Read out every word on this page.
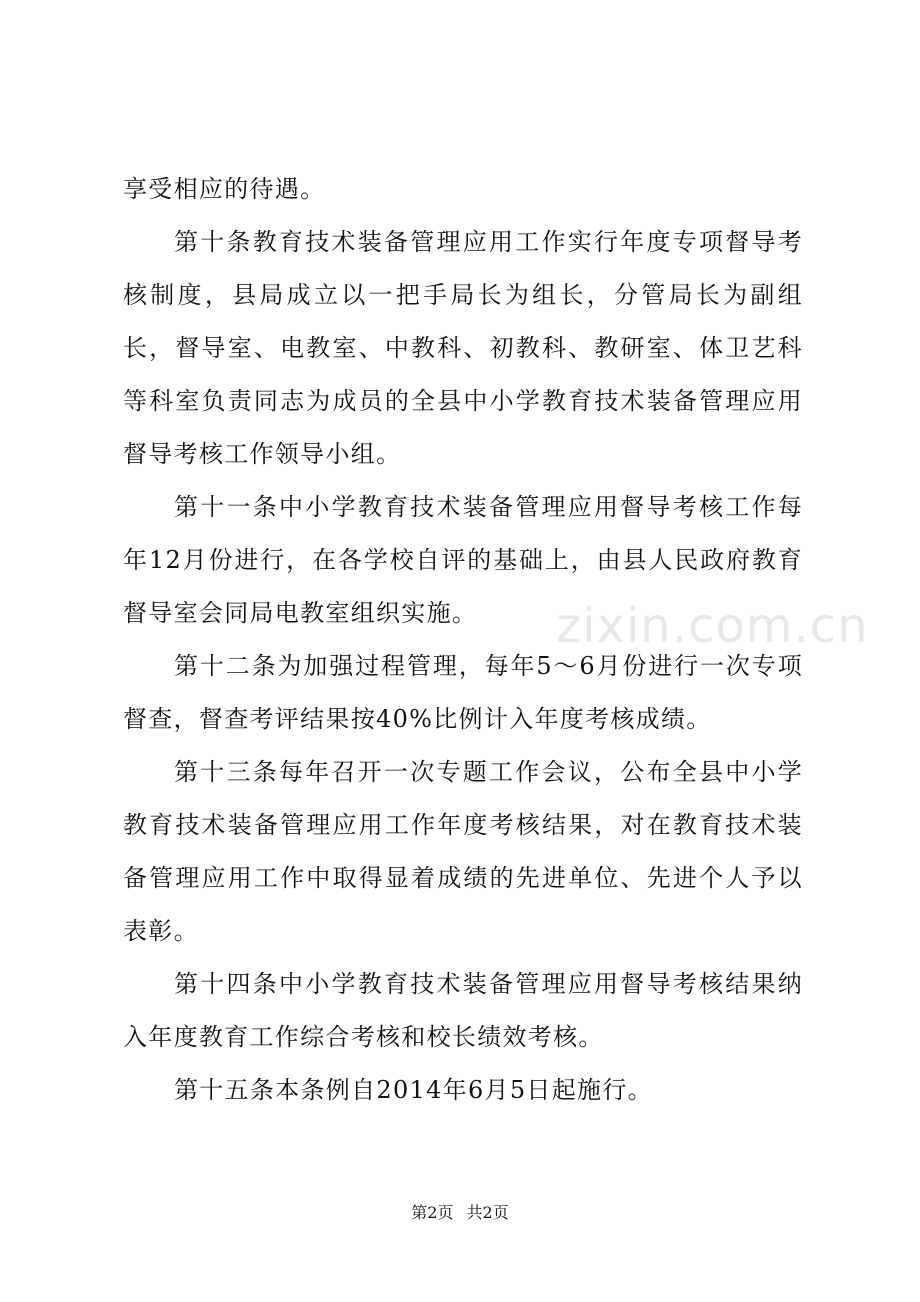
享受相应的待遇。

第十条教育技术装备管理应用工作实行年度专项督导考核制度，县局成立以一把手局长为组长，分管局长为副组长，督导室、电教室、中教科、初教科、教研室、体卫艺科等科室负责同志为成员的全县中小学教育技术装备管理应用督导考核工作领导小组。

第十一条中小学教育技术装备管理应用督导考核工作每年12月份进行，在各学校自评的基础上，由县人民政府教育督导室会同局电教室组织实施。

第十二条为加强过程管理，每年5～6月份进行一次专项督查，督查考评结果按40%比例计入年度考核成绩。

第十三条每年召开一次专题工作会议，公布全县中小学教育技术装备管理应用工作年度考核结果，对在教育技术装备管理应用工作中取得显着成绩的先进单位、先进个人予以表彰。

第十四条中小学教育技术装备管理应用督导考核结果纳入年度教育工作综合考核和校长绩效考核。

第十五条本条例自2014年6月5日起施行。

zixin.com.cn
第2页 共2页
